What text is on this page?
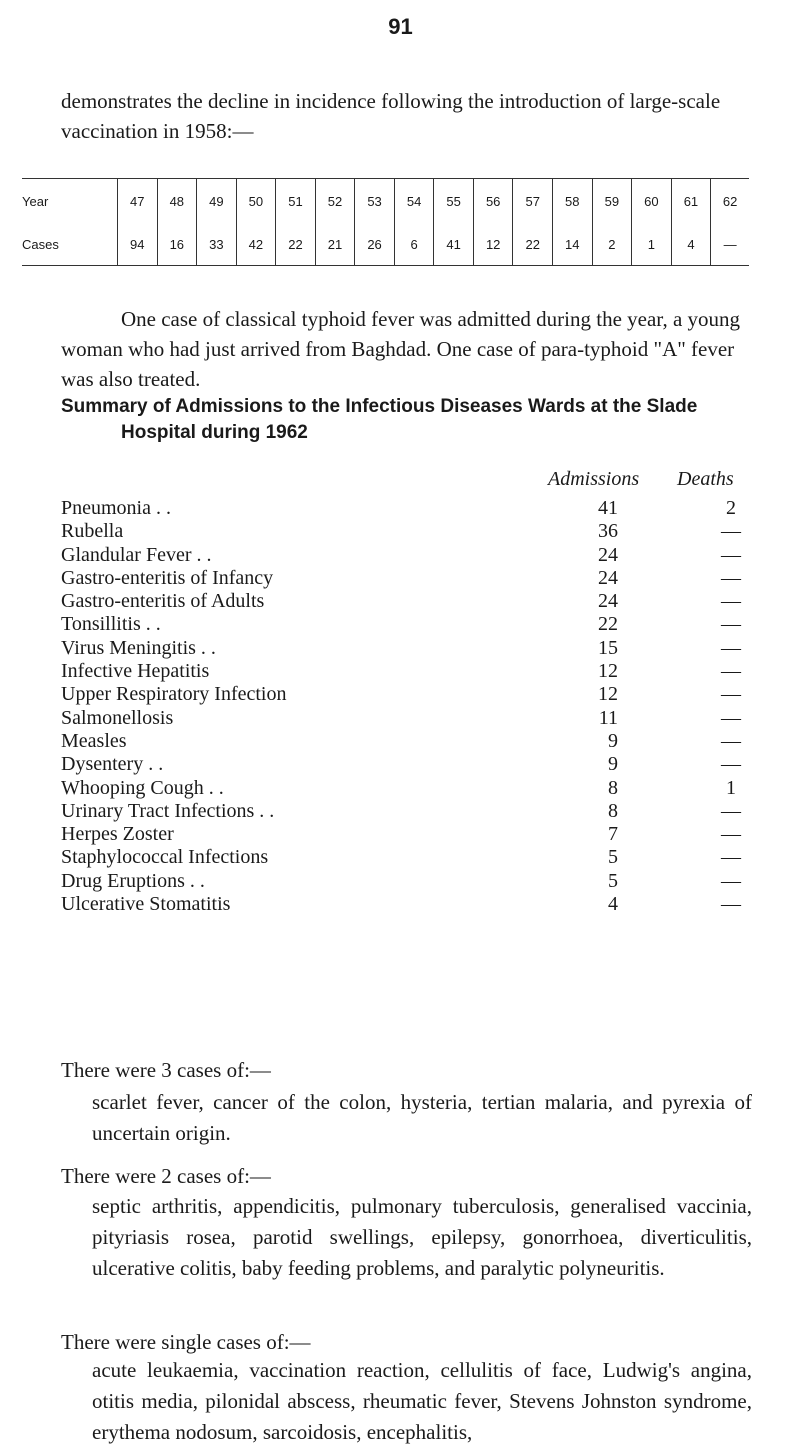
91

demonstrates the decline in incidence following the introduction of large-scale vaccination in 1958:—

Year	47	48	49	50	51	52	53	54	55	56	57	58	59	60	61	62
Cases	94	16	33	42	22	21	26	6	41	12	22	14	2	1	4	—

One case of classical typhoid fever was admitted during the year, a young woman who had just arrived from Baghdad. One case of para-typhoid "A" fever was also treated.

Summary of Admissions to the Infectious Diseases Wards at the Slade
Hospital during 1962
Admissions Deaths
Pneumonia . .	41	2
Rubella	36	—
Glandular Fever . .	24	—
Gastro-enteritis of Infancy	24	—
Gastro-enteritis of Adults	24	—
Tonsillitis . .	22	—
Virus Meningitis . .	15	—
Infective Hepatitis	12	—
Upper Respiratory Infection	12	—
Salmonellosis	11	—
Measles	9	—
Dysentery . .	9	—
Whooping Cough . .	8	1
Urinary Tract Infections . .	8	—
Herpes Zoster	7	—
Staphylococcal Infections	5	—
Drug Eruptions . .	5	—
Ulcerative Stomatitis	4	—

There were 3 cases of:—

scarlet fever, cancer of the colon, hysteria, tertian malaria, and pyrexia of uncertain origin.

There were 2 cases of:—

septic arthritis, appendicitis, pulmonary tuberculosis, generalised vaccinia, pityriasis rosea, parotid swellings, epilepsy, gonorrhoea, diverticulitis, ulcerative colitis, baby feeding problems, and paralytic polyneuritis.

There were single cases of:—

acute leukaemia, vaccination reaction, cellulitis of face, Ludwig's angina, otitis media, pilonidal abscess, rheumatic fever, Stevens Johnston syndrome, erythema nodosum, sarcoidosis, encephalitis,
